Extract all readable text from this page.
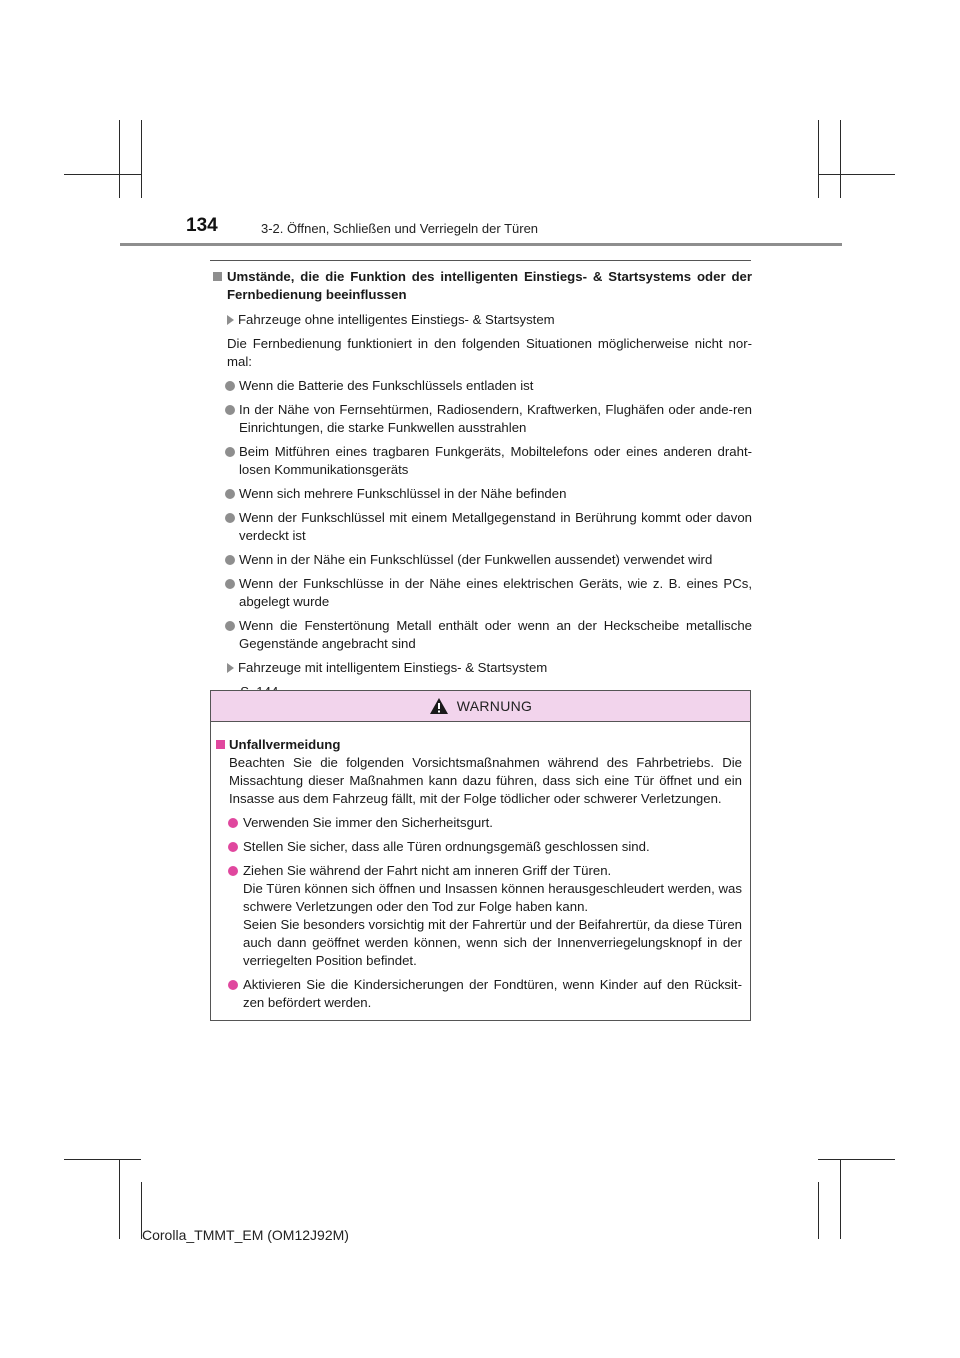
134	3-2. Öffnen, Schließen und Verriegeln der Türen

Umstände, die die Funktion des intelligenten Einstiegs- & Startsystems oder der Fernbedienung beeinflussen

Fahrzeuge ohne intelligentes Einstiegs- & Startsystem

Die Fernbedienung funktioniert in den folgenden Situationen möglicherweise nicht nor-mal:

Wenn die Batterie des Funkschlüssels entladen ist

In der Nähe von Fernsehtürmen, Radiosendern, Kraftwerken, Flughäfen oder ande-ren Einrichtungen, die starke Funkwellen ausstrahlen

Beim Mitführen eines tragbaren Funkgeräts, Mobiltelefons oder eines anderen draht-losen Kommunikationsgeräts

Wenn sich mehrere Funkschlüssel in der Nähe befinden

Wenn der Funkschlüssel mit einem Metallgegenstand in Berührung kommt oder davon verdeckt ist

Wenn in der Nähe ein Funkschlüssel (der Funkwellen aussendet) verwendet wird

Wenn der Funkschlüsse in der Nähe eines elektrischen Geräts, wie z. B. eines PCs, abgelegt wurde

Wenn die Fenstertönung Metall enthält oder wenn an der Heckscheibe metallische Gegenstände angebracht sind

Fahrzeuge mit intelligentem Einstiegs- & Startsystem

WARNUNG

Unfallvermeidung

Beachten Sie die folgenden Vorsichtsmaßnahmen während des Fahrbetriebs. Die Missachtung dieser Maßnahmen kann dazu führen, dass sich eine Tür öffnet und ein Insasse aus dem Fahrzeug fällt, mit der Folge tödlicher oder schwerer Verletzungen.

Verwenden Sie immer den Sicherheitsgurt.

Stellen Sie sicher, dass alle Türen ordnungsgemäß geschlossen sind.

Ziehen Sie während der Fahrt nicht am inneren Griff der Türen.
Die Türen können sich öffnen und Insassen können herausgeschleudert werden, was schwere Verletzungen oder den Tod zur Folge haben kann.
Seien Sie besonders vorsichtig mit der Fahrertür und der Beifahrertür, da diese Türen auch dann geöffnet werden können, wenn sich der Innenverriegelungsknopf in der verriegelten Position befindet.

Aktivieren Sie die Kindersicherungen der Fondtüren, wenn Kinder auf den Rücksit-zen befördert werden.

Corolla_TMMT_EM (OM12J92M)
